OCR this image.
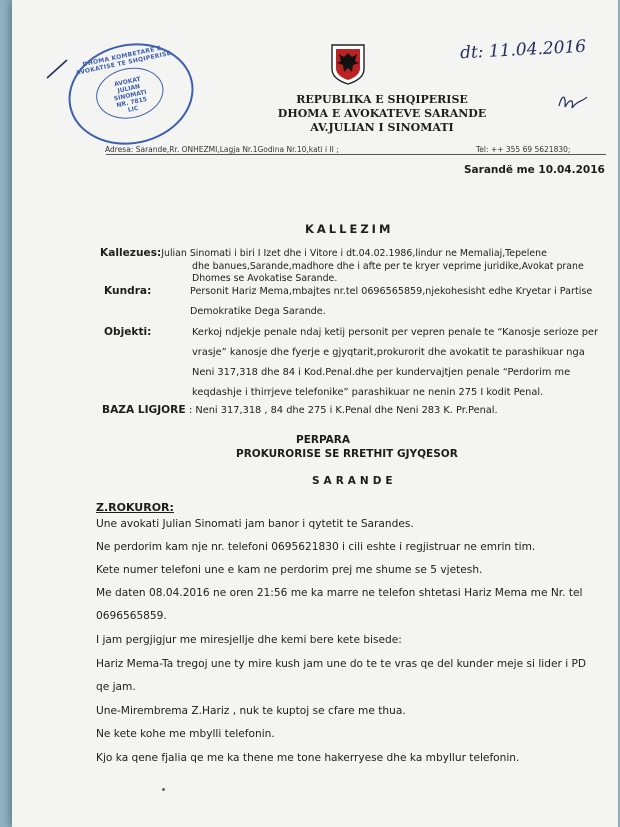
DHOMA KOMBETARE E AVOKATISE TE SHQIPERISE
AVOKAT JULIAN SINOMATI NR. 7815 LIC
REPUBLIKA E SHQIPERISE
DHOMA E AVOKATEVE SARANDE
AV.JULIAN I SINOMATI
dt: 11.04.2016
Adresa: Sarande,Rr. ONHEZMI,Lagja Nr.1Godina Nr.10,kati i II ;	Tel: ++ 355 69 5621830;
Sarandë me 10.04.2016
KALLEZIM
Kallezues:Julian Sinomati i biri I Izet dhe i Vitore i dt.04.02.1986,lindur ne Memaliaj,Tepelene
dhe banues,Sarande,madhore dhe i afte per te kryer veprime juridike,Avokat prane
Dhomes se Avokatise Sarande.
Kundra:	Personit Hariz Mema,mbajtes nr.tel 0696565859,njekohesisht edhe Kryetar i Partise
Demokratike Dega Sarande.
Objekti:	Kerkoj ndjekje penale ndaj ketij personit per vepren penale te “Kanosje serioze per
vrasje” kanosje dhe fyerje e gjyqtarit,prokurorit dhe avokatit te parashikuar nga
Neni 317,318 dhe 84 i Kod.Penal.dhe per kundervajtjen penale “Perdorim me
keqdashje i thirrjeve telefonike” parashikuar ne nenin 275 I kodit Penal.
BAZA LIGJORE : Neni 317,318 , 84 dhe 275 i K.Penal dhe Neni 283 K. Pr.Penal.
PERPARA
PROKURORISE SE RRETHIT GJYQESOR
SARANDE
Z.ROKUROR:
Une avokati Julian Sinomati jam banor i qytetit te Sarandes.
Ne perdorim kam nje nr. telefoni 0695621830 i cili eshte i regjistruar ne emrin tim.
Kete numer telefoni une e kam ne perdorim prej me shume se 5 vjetesh.
Me daten 08.04.2016 ne oren 21:56 me ka marre ne telefon shtetasi Hariz Mema me Nr. tel
0696565859.
I jam pergjigjur me miresjellje dhe kemi bere kete bisede:
Hariz Mema-Ta tregoj une ty mire kush jam une do te te vras qe del kunder meje si lider i PD
qe jam.
Une-Mirembrema Z.Hariz , nuk te kuptoj se cfare me thua.
Ne kete kohe me mbylli telefonin.
Kjo ka qene fjalia qe me ka thene me tone hakerryese dhe ka mbyllur telefonin.
